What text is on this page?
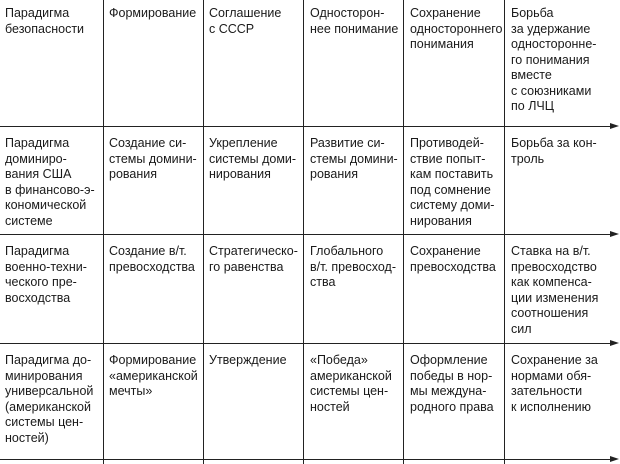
Парадигма
безопасности
Формирование Соглашение
с СССР
Односторон-
нее понимание
Сохранение
одностороннего
понимания
Борьба
за удержание
односторонне-
го понимания
вместе
с союзниками
по ЛЧЦ
Парадигма
доминиро-
вания США
в финансово-э-
кономической
системе
Создание си-
стемы домини-
рования
Укрепление
системы доми-
нирования
Развитие си-
стемы домини-
рования
Противодей-
ствие попыт-
кам поставить
под сомнение
систему доми-
нирования
Борьба за кон-
троль
Парадигма
военно-техни-
ческого пре-
восходства
Создание в/т.
превосходства
Стратегическо-
го равенства
Глобального
в/т. превосход-
ства
Сохранение
превосходства
Ставка на в/т.
превосходство
как компенса-
ции изменения
соотношения
сил
Парадигма до-
минирования
универсальной
(американской
системы цен-
ностей)
Формирование
«американской
мечты»
Утверждение «Победа»
американской
системы цен-
ностей
Оформление
победы в нор-
мы междуна-
родного права
Сохранение за
нормами обя-
зательности
к исполнению
